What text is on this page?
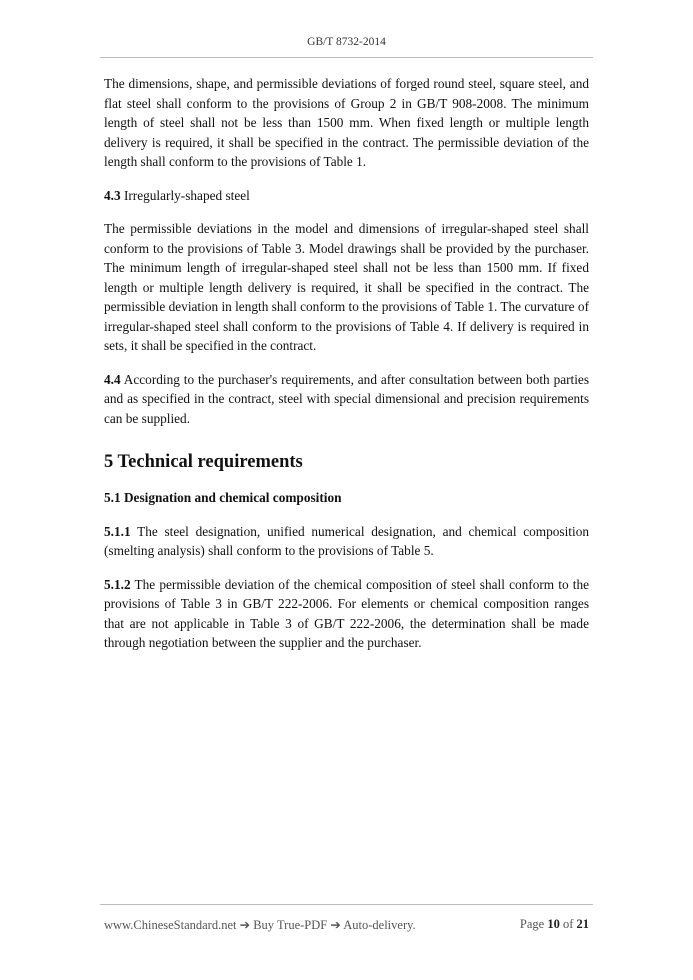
GB/T 8732-2014

The dimensions, shape, and permissible deviations of forged round steel, square steel, and flat steel shall conform to the provisions of Group 2 in GB/T 908-2008. The minimum length of steel shall not be less than 1500 mm. When fixed length or multiple length delivery is required, it shall be specified in the contract. The permissible deviation of the length shall conform to the provisions of Table 1.

4.3 Irregularly-shaped steel

The permissible deviations in the model and dimensions of irregular-shaped steel shall conform to the provisions of Table 3. Model drawings shall be provided by the purchaser. The minimum length of irregular-shaped steel shall not be less than 1500 mm. If fixed length or multiple length delivery is required, it shall be specified in the contract. The permissible deviation in length shall conform to the provisions of Table 1. The curvature of irregular-shaped steel shall conform to the provisions of Table 4. If delivery is required in sets, it shall be specified in the contract.

4.4 According to the purchaser's requirements, and after consultation between both parties and as specified in the contract, steel with special dimensional and precision requirements can be supplied.

5 Technical requirements
5.1 Designation and chemical composition

5.1.1 The steel designation, unified numerical designation, and chemical composition (smelting analysis) shall conform to the provisions of Table 5.

5.1.2 The permissible deviation of the chemical composition of steel shall conform to the provisions of Table 3 in GB/T 222-2006. For elements or chemical composition ranges that are not applicable in Table 3 of GB/T 222-2006, the determination shall be made through negotiation between the supplier and the purchaser.

www.ChineseStandard.net ➔ Buy True-PDF ➔ Auto-delivery.	Page 10 of 21
